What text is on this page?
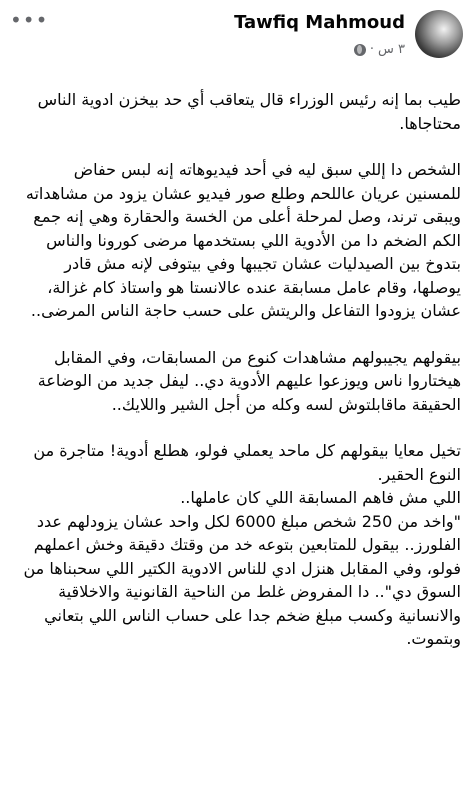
•••	Tawfiq Mahmoud
٣ س
·

طيب بما إنه رئيس الوزراء قال يتعاقب أي حد بيخزن ادوية الناس محتاجاها.

الشخص دا إللي سبق ليه في أحد فيديوهاته إنه لبس حفاض للمسنين عريان عاللحم وطلع صور فيديو عشان يزود من مشاهداته ويبقى ترند، وصل لمرحلة أعلى من الخسة والحقارة وهي إنه جمع الكم الضخم دا من الأدوية اللي بستخدمها مرضى كورونا والناس بتدوخ بين الصيدليات عشان تجيبها وفي بيتوفى لإنه مش قادر يوصلها، وقام عامل مسابقة عنده عالانستا هو واستاذ كام غزالة، عشان يزودوا التفاعل والريتش على حسب حاجة الناس المرضى..

بيقولهم يجيبولهم مشاهدات كنوع من المسابقات، وفي المقابل هيختاروا ناس ويوزعوا عليهم الأدوية دي.. ليفل جديد من الوضاعة الحقيقة ماقابلتوش لسه وكله من أجل الشير واللايك..

تخيل معايا بيقولهم كل ماحد يعملي فولو، هطلع أدوية! متاجرة من النوع الحقير.
اللي مش فاهم المسابقة اللي كان عاملها..
"واخد من 250 شخص مبلغ 6000 لكل واحد عشان يزودلهم عدد الفلورز.. بيقول للمتابعين بتوعه خد من وقتك دقيقة وخش اعملهم فولو، وفي المقابل هنزل ادي للناس الادوية الكتير اللي سحبناها من السوق دي".. دا المفروض غلط من الناحية القانونية والاخلاقية والانسانية وكسب مبلغ ضخم جدا على حساب الناس اللي بتعاني وبتموت.
